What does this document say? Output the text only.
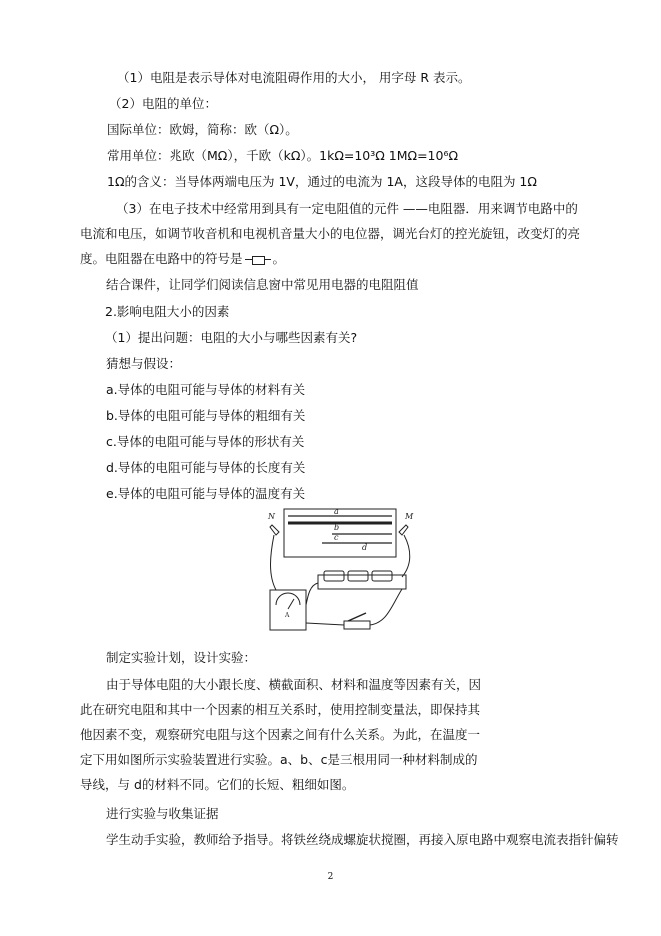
（1）电阻是表示导体对电流阻碍作用的大小， 用字母 R 表示。
（2）电阻的单位：
国际单位：欧姆，简称：欧（Ω）。
常用单位：兆欧（MΩ），千欧（kΩ）。1kΩ=10³Ω 1MΩ=10⁶Ω
1Ω的含义：当导体两端电压为 1V，通过的电流为 1A，这段导体的电阻为 1Ω
（3）在电子技术中经常用到具有一定电阻值的元件 ——电阻器．用来调节电路中的电流和电压，如调节收音机和电视机音量大小的电位器，调光台灯的控光旋钮，改变灯的亮度。电阻器在电路中的符号是 。
结合课件，让同学们阅读信息窗中常见用电器的电阻阻值
2.影响电阻大小的因素
（1）提出问题：电阻的大小与哪些因素有关?
猜想与假设：
a.导体的电阻可能与导体的材料有关
b.导体的电阻可能与导体的粗细有关
c.导体的电阻可能与导体的形状有关
d.导体的电阻可能与导体的长度有关
e.导体的电阻可能与导体的温度有关
N	M
a
b
c
d
A
制定实验计划，设计实验：
由于导体电阻的大小跟长度、横截面积、材料和温度等因素有关，因此在研究电阻和其中一个因素的相互关系时，使用控制变量法，即保持其他因素不变，观察研究电阻与这个因素之间有什么关系。为此，在温度一定下用如图所示实验装置进行实验。a、b、c是三根用同一种材料制成的导线，与 d的材料不同。它们的长短、粗细如图。
进行实验与收集证据
学生动手实验，教师给予指导。将铁丝绕成螺旋状搅圈，再接入原电路中观察电流表指针偏转
2
